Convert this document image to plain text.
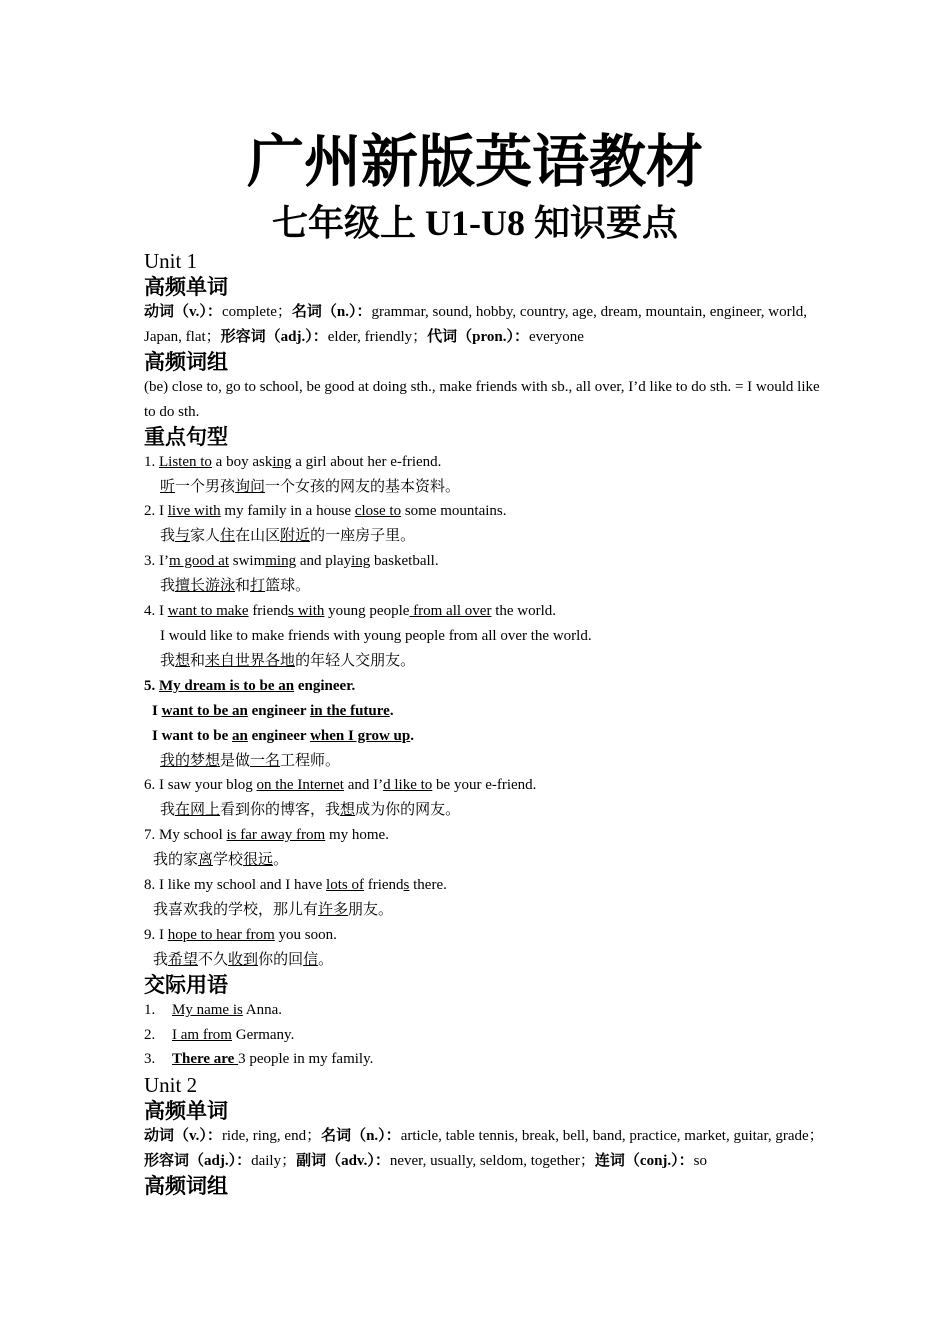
广州新版英语教材
七年级上 U1-U8 知识要点
Unit 1
高频单词
动词（v.）：complete；名词（n.）：grammar, sound, hobby, country, age, dream, mountain, engineer, world, Japan, flat；形容词（adj.）：elder, friendly；代词（pron.）：everyone
高频词组
(be) close to, go to school, be good at doing sth., make friends with sb., all over, I’d like to do sth. = I would like to do sth.
重点句型
1. Listen to a boy asking a girl about her e-friend.
听一个男孩询问一个女孩的网友的基本资料。
2. I live with my family in a house close to some mountains.
我与家人住在山区附近的一座房子里。
3. I’m good at swimming and playing basketball.
我擅长游泳和打篮球。
4. I want to make friends with young people from all over the world.
I would like to make friends with young people from all over the world.
我想和来自世界各地的年轻人交朋友。
5. My dream is to be an engineer.
I want to be an engineer in the future.
I want to be an engineer when I grow up.
我的梦想是做一名工程师。
6. I saw your blog on the Internet and I’d like to be your e-friend.
我在网上看到你的博客，我想成为你的网友。
7. My school is far away from my home.
我的家离学校很远。
8. I like my school and I have lots of friends there.
我喜欢我的学校，那儿有许多朋友。
9. I hope to hear from you soon.
我希望不久收到你的回信。
交际用语
1. My name is Anna.
2. I am from Germany.
3. There are 3 people in my family.
Unit 2
高频单词
动词（v.）：ride, ring, end；名词（n.）：article, table tennis, break, bell, band, practice, market, guitar, grade；形容词（adj.）：daily；副词（adv.）：never, usually, seldom, together；连词（conj.）：so
高频词组
